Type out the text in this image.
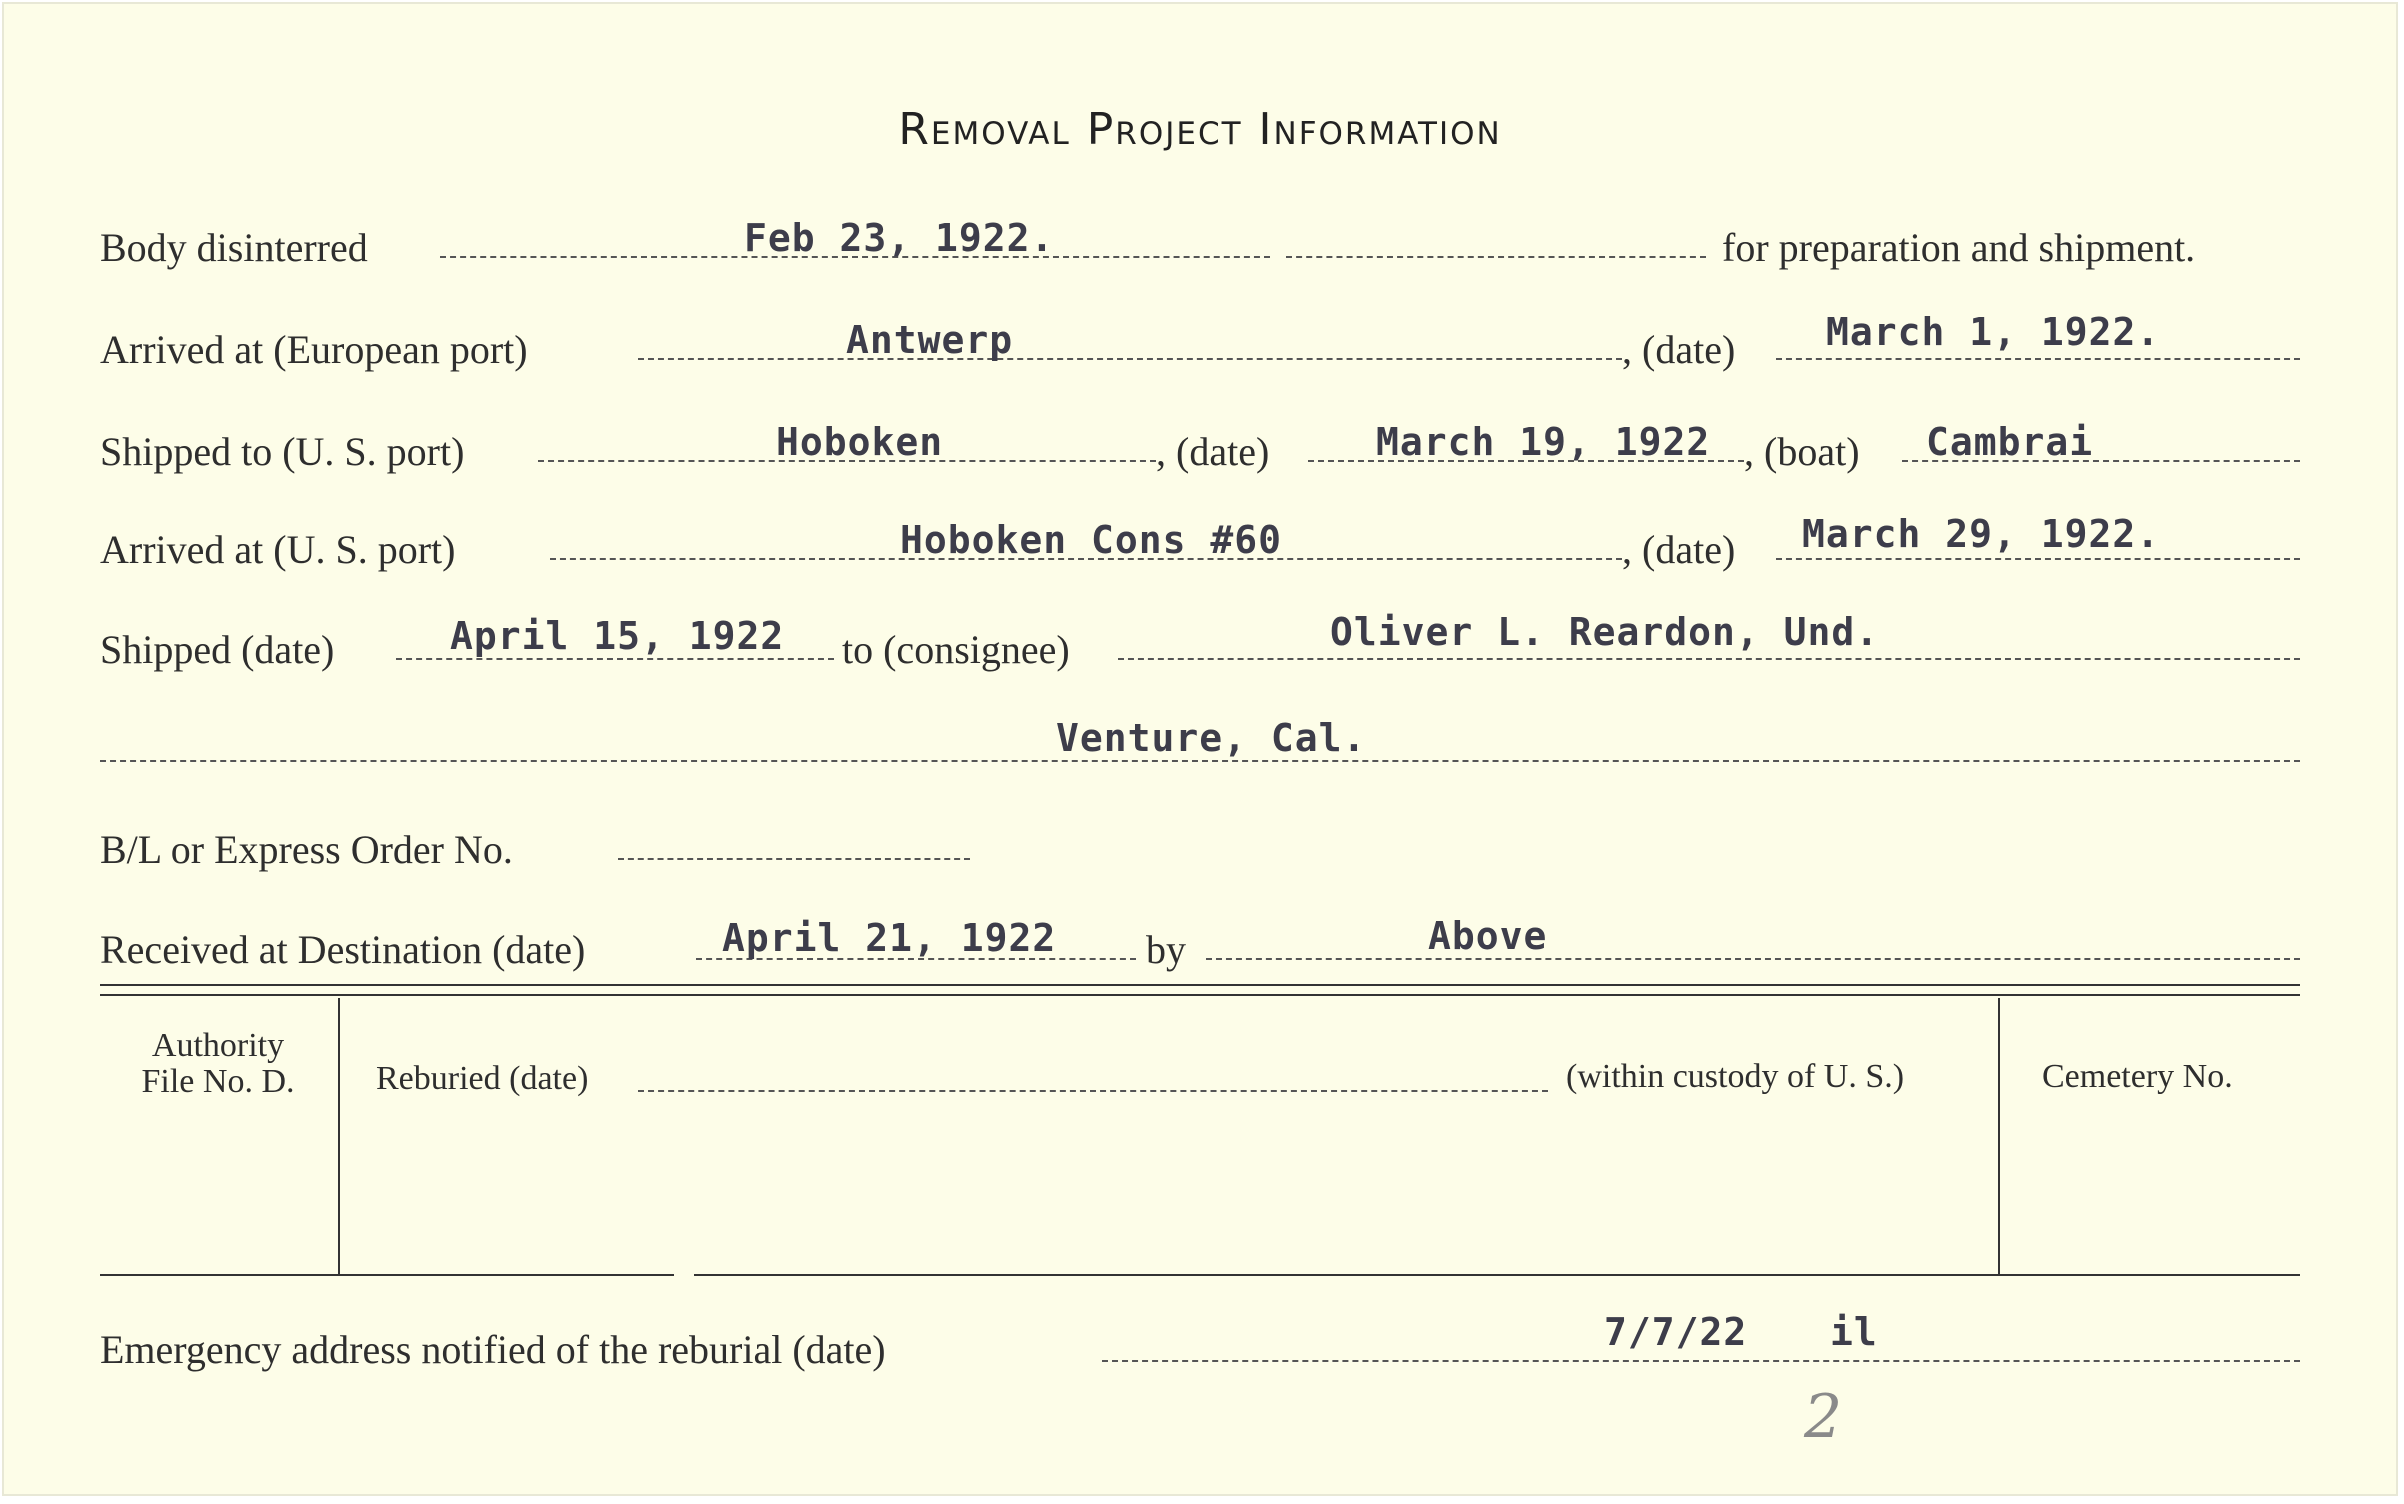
Removal Project Information
Body disinterred	Feb 23, 1922.	for preparation and shipment.
Arrived at (European port)	Antwerp	, (date) March 1, 1922.
Shipped to (U. S. port)	Hoboken	, (date)	March 19, 1922 , (boat) Cambrai
Arrived at (U. S. port)	Hoboken Cons #60	, (date) March 29, 1922.
Shipped (date)	April 15, 1922 to (consignee)	Oliver L. Reardon, Und.
Venture, Cal.
B/L or Express Order No.
Received at Destination (date)	April 21, 1922 by	Above
Authority
File No. D.	Reburied (date)	(within custody of U. S.)	Cemetery No.
Emergency address notified of the reburial (date)	7/7/22 il
2
